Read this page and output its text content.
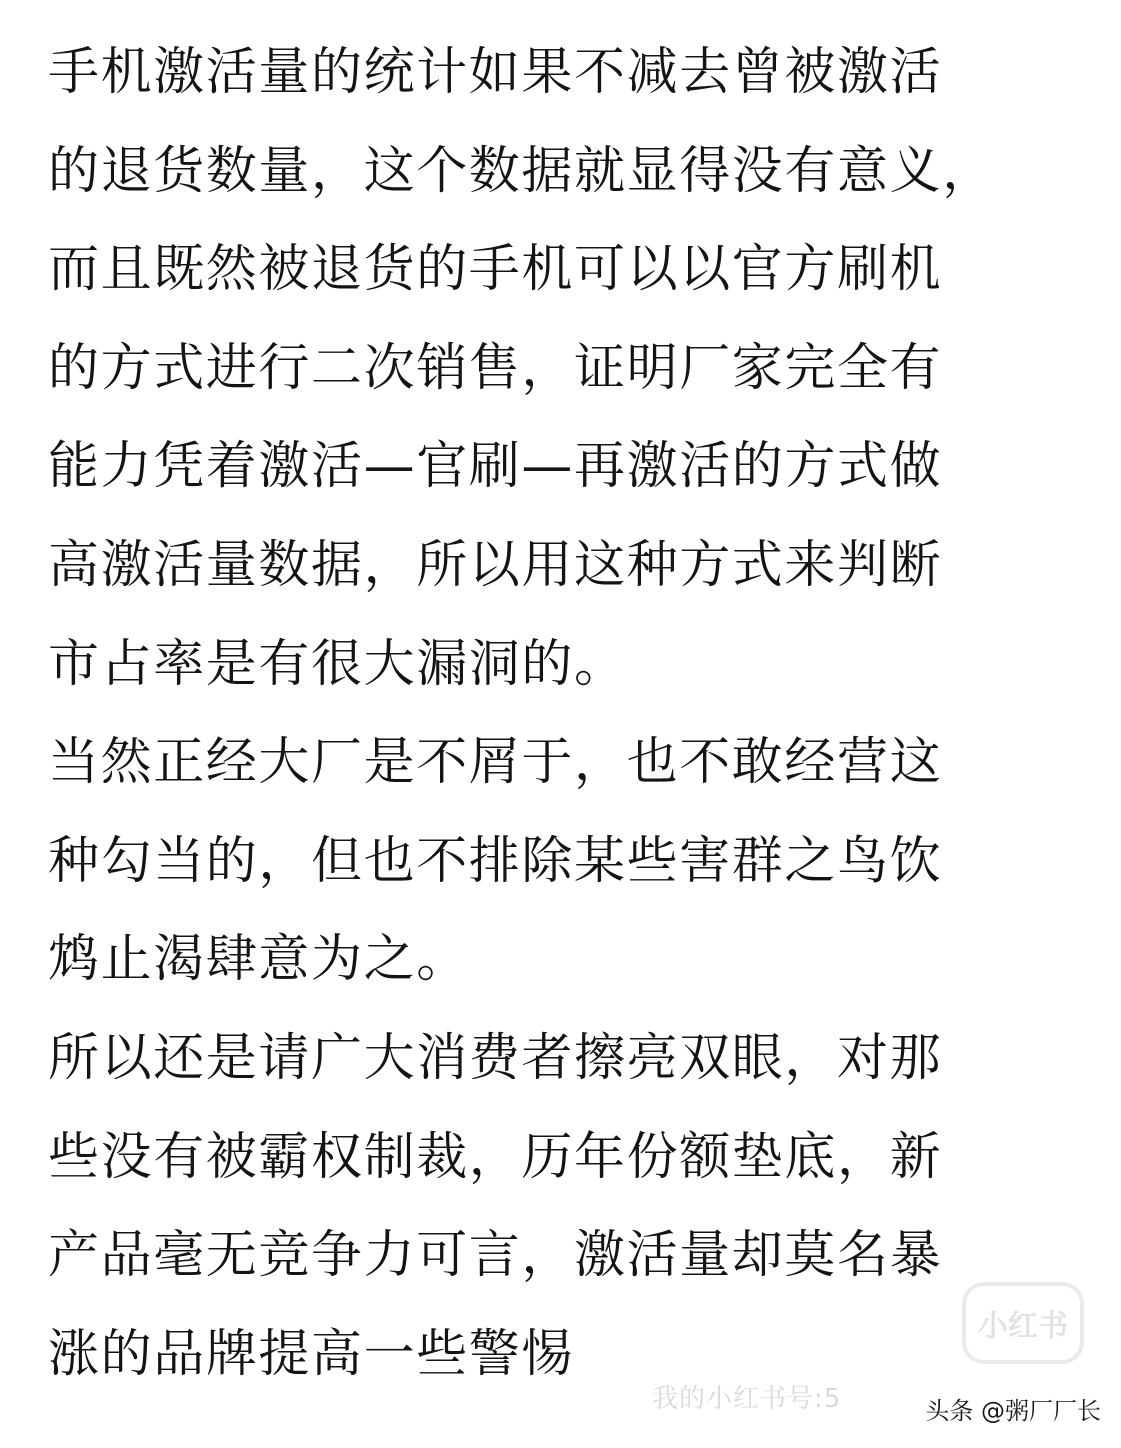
手机激活量的统计如果不减去曾被激活
的退货数量，这个数据就显得没有意义，
而且既然被退货的手机可以以官方刷机
的方式进行二次销售，证明厂家完全有
能力凭着激活—官刷—再激活的方式做
高激活量数据，所以用这种方式来判断
市占率是有很大漏洞的。
当然正经大厂是不屑于，也不敢经营这
种勾当的，但也不排除某些害群之鸟饮
鸩止渴肆意为之。
所以还是请广大消费者擦亮双眼，对那
些没有被霸权制裁，历年份额垫底，新
产品毫无竞争力可言，激活量却莫名暴
涨的品牌提高一些警惕	小红书
我的小红书号:5	头条 @粥厂厂长
